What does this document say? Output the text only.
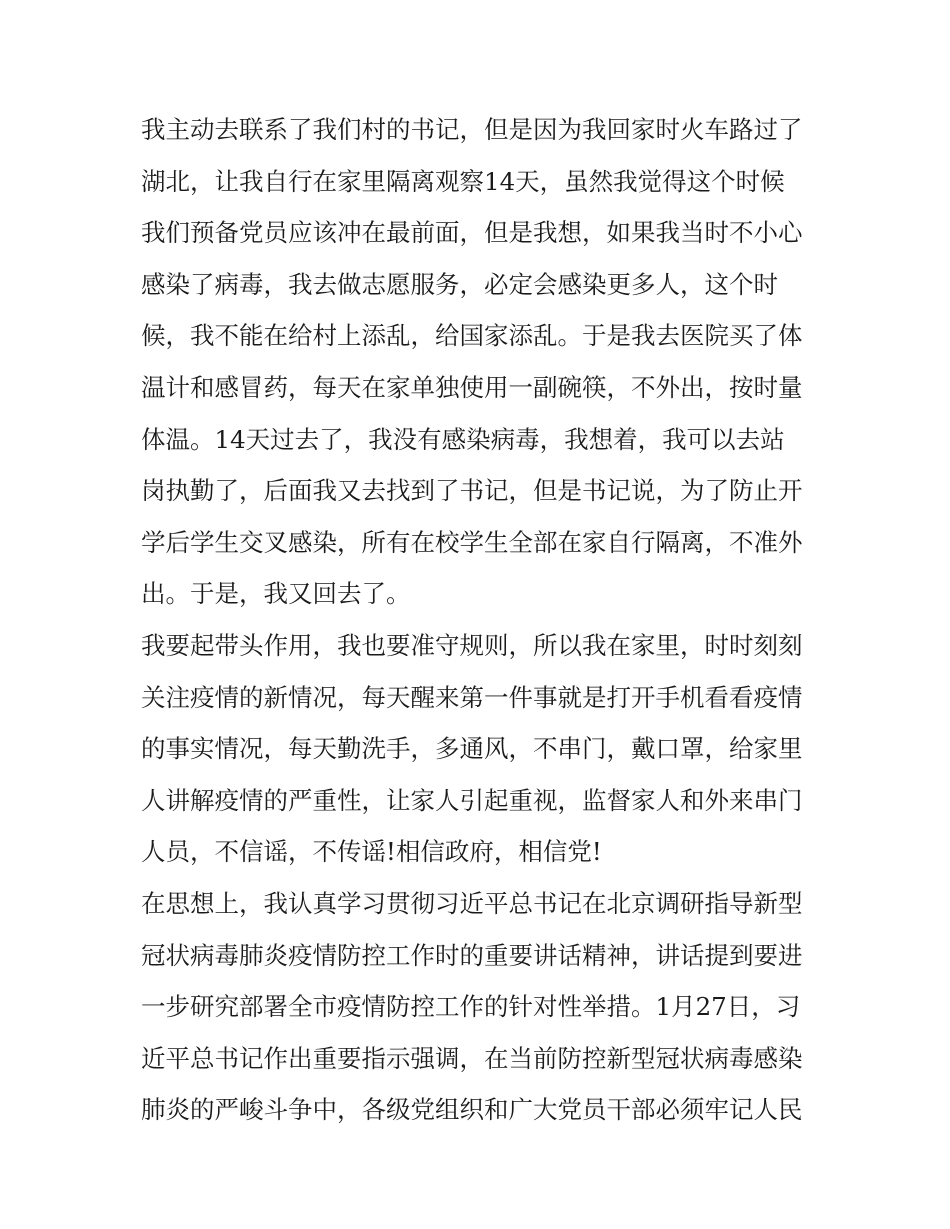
我主动去联系了我们村的书记，但是因为我回家时火车路过了
湖北，让我自行在家里隔离观察14天，虽然我觉得这个时候
我们预备党员应该冲在最前面，但是我想，如果我当时不小心
感染了病毒，我去做志愿服务，必定会感染更多人，这个时
候，我不能在给村上添乱，给国家添乱。于是我去医院买了体
温计和感冒药，每天在家单独使用一副碗筷，不外出，按时量
体温。14天过去了，我没有感染病毒，我想着，我可以去站
岗执勤了，后面我又去找到了书记，但是书记说，为了防止开
学后学生交叉感染，所有在校学生全部在家自行隔离，不准外
出。于是，我又回去了。
我要起带头作用，我也要准守规则，所以我在家里，时时刻刻
关注疫情的新情况，每天醒来第一件事就是打开手机看看疫情
的事实情况，每天勤洗手，多通风，不串门，戴口罩，给家里
人讲解疫情的严重性，让家人引起重视，监督家人和外来串门
人员，不信谣，不传谣!相信政府，相信党!
在思想上，我认真学习贯彻习近平总书记在北京调研指导新型
冠状病毒肺炎疫情防控工作时的重要讲话精神，讲话提到要进
一步研究部署全市疫情防控工作的针对性举措。1月27日，习
近平总书记作出重要指示强调，在当前防控新型冠状病毒感染
肺炎的严峻斗争中，各级党组织和广大党员干部必须牢记人民
